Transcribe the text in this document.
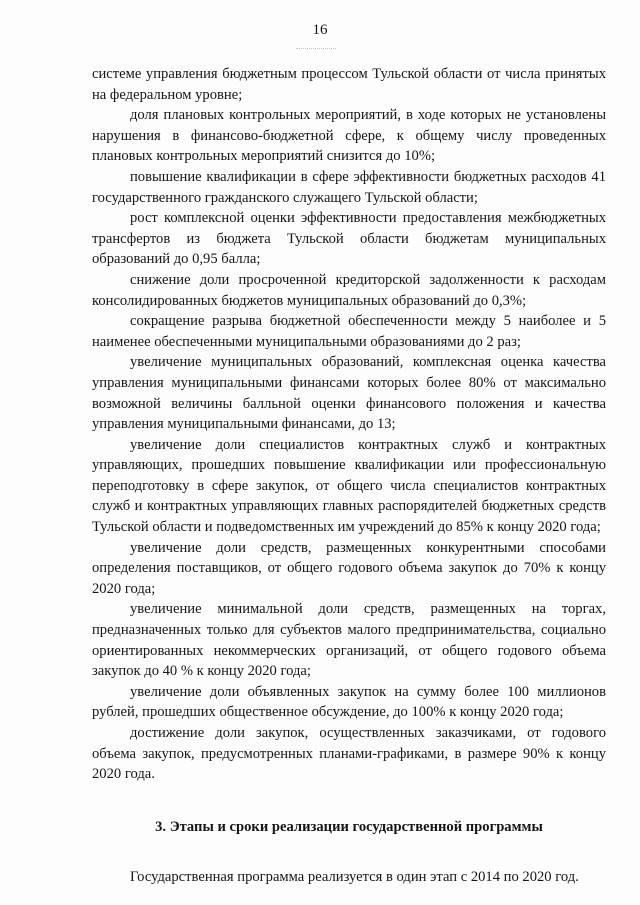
16

системе управления бюджетным процессом Тульской области от числа принятых на федеральном уровне;

доля плановых контрольных мероприятий, в ходе которых не установлены нарушения в финансово-бюджетной сфере, к общему числу проведенных плановых контрольных мероприятий снизится до 10%;

повышение квалификации в сфере эффективности бюджетных расходов 41 государственного гражданского служащего Тульской области;

рост комплексной оценки эффективности предоставления межбюджетных трансфертов из бюджета Тульской области бюджетам муниципальных образований до 0,95 балла;

снижение доли просроченной кредиторской задолженности к расходам консолидированных бюджетов муниципальных образований до 0,3%;

сокращение разрыва бюджетной обеспеченности между 5 наиболее и 5 наименее обеспеченными муниципальными образованиями до 2 раз;

увеличение муниципальных образований, комплексная оценка качества управления муниципальными финансами которых более 80% от максимально возможной величины балльной оценки финансового положения и качества управления муниципальными финансами, до 13;

увеличение доли специалистов контрактных служб и контрактных управляющих, прошедших повышение квалификации или профессиональную переподготовку в сфере закупок, от общего числа специалистов контрактных служб и контрактных управляющих главных распорядителей бюджетных средств Тульской области и подведомственных им учреждений до 85% к концу 2020 года;

увеличение доли средств, размещенных конкурентными способами определения поставщиков, от общего годового объема закупок до 70% к концу 2020 года;

увеличение минимальной доли средств, размещенных на торгах, предназначенных только для субъектов малого предпринимательства, социально ориентированных некоммерческих организаций, от общего годового объема закупок до 40 % к концу 2020 года;

увеличение доли объявленных закупок на сумму более 100 миллионов рублей, прошедших общественное обсуждение, до 100% к концу 2020 года;

достижение доли закупок, осуществленных заказчиками, от годового объема закупок, предусмотренных планами-графиками, в размере 90% к концу 2020 года.

3. Этапы и сроки реализации государственной программы

Государственная программа реализуется в один этап с 2014 по 2020 год.
